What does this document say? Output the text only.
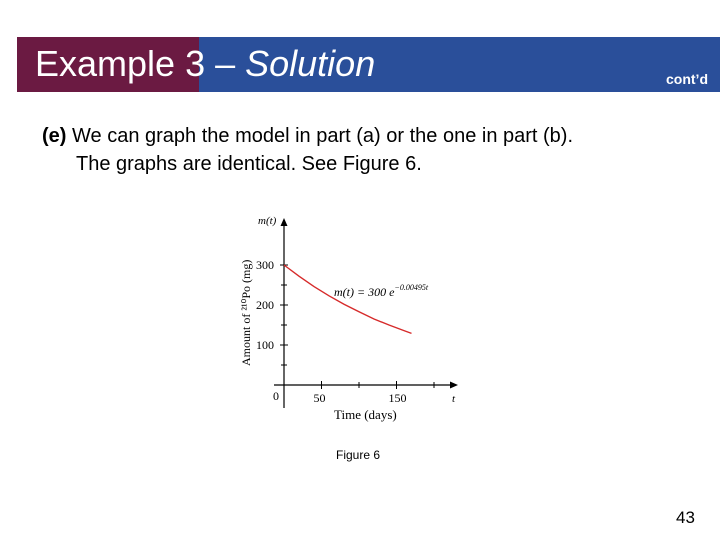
Example 3 – Solution	cont’d
(e) We can graph the model in part (a) or the one in part (b).
The graphs are identical. See Figure 6.
m(t)
t
0
Time (days)
Amount of ²¹⁰Po (mg) 100
200
300
50	150
m(t) = 300 $e^{-0.00495t}$
Figure 6
43
